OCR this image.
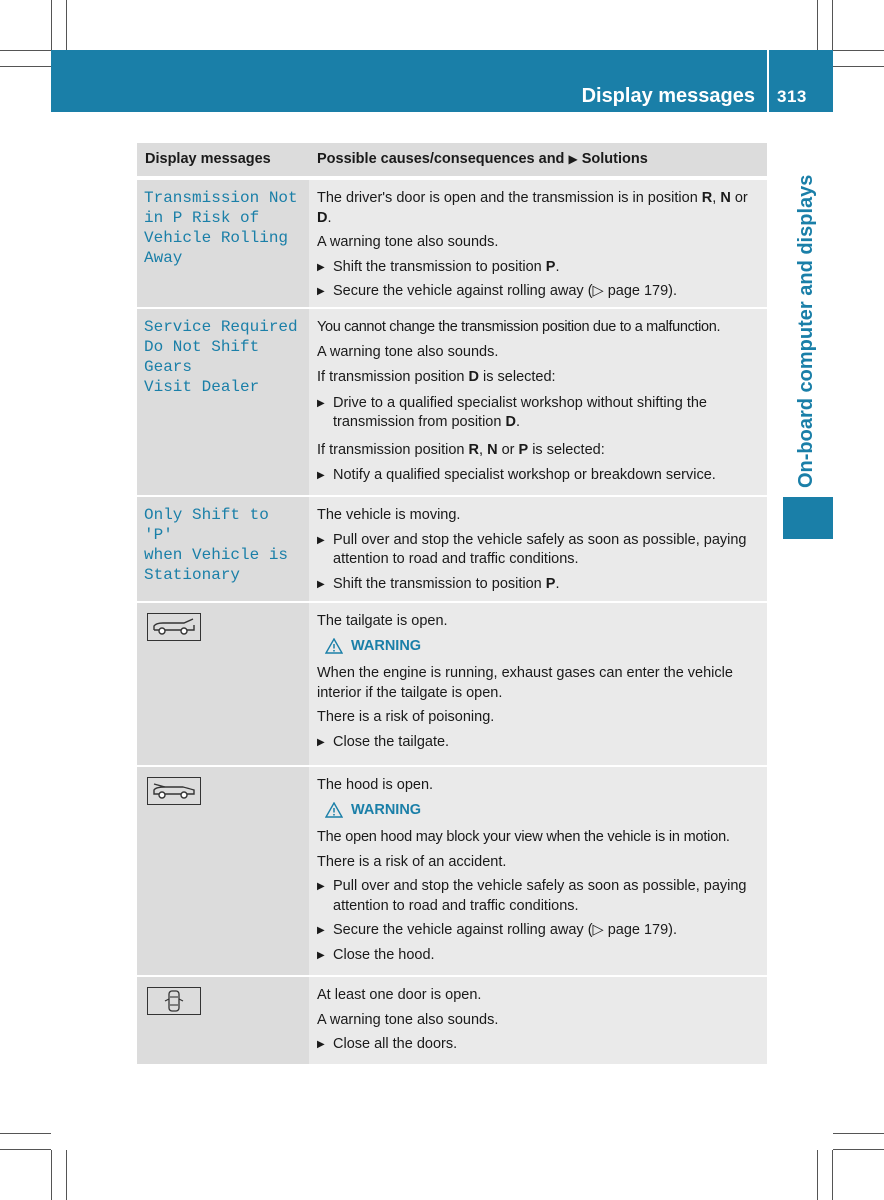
Display messages 313
On-board computer and displays
Display messages	Possible causes/consequences and ▶ Solutions
Transmission Not
in P Risk of
Vehicle Rolling
Away
The driver's door is open and the transmission is in position R, N or D.
A warning tone also sounds.
▶ Shift the transmission to position P.
▶ Secure the vehicle against rolling away (▷ page 179).
Service Required
Do Not Shift Gears
Visit Dealer
You cannot change the transmission position due to a malfunction.
A warning tone also sounds.
If transmission position D is selected:
▶ Drive to a qualified specialist workshop without shifting the transmission from position D.
If transmission position R, N or P is selected:
▶ Notify a qualified specialist workshop or breakdown service.
Only Shift to 'P'
when Vehicle is
Stationary
The vehicle is moving.
▶ Pull over and stop the vehicle safely as soon as possible, paying attention to road and traffic conditions.
▶ Shift the transmission to position P.
The tailgate is open.
WARNING
When the engine is running, exhaust gases can enter the vehicle interior if the tailgate is open.
There is a risk of poisoning.
▶ Close the tailgate.
The hood is open.
WARNING
The open hood may block your view when the vehicle is in motion.
There is a risk of an accident.
▶ Pull over and stop the vehicle safely as soon as possible, paying attention to road and traffic conditions.
▶ Secure the vehicle against rolling away (▷ page 179).
▶ Close the hood.
At least one door is open.
A warning tone also sounds.
▶ Close all the doors.
